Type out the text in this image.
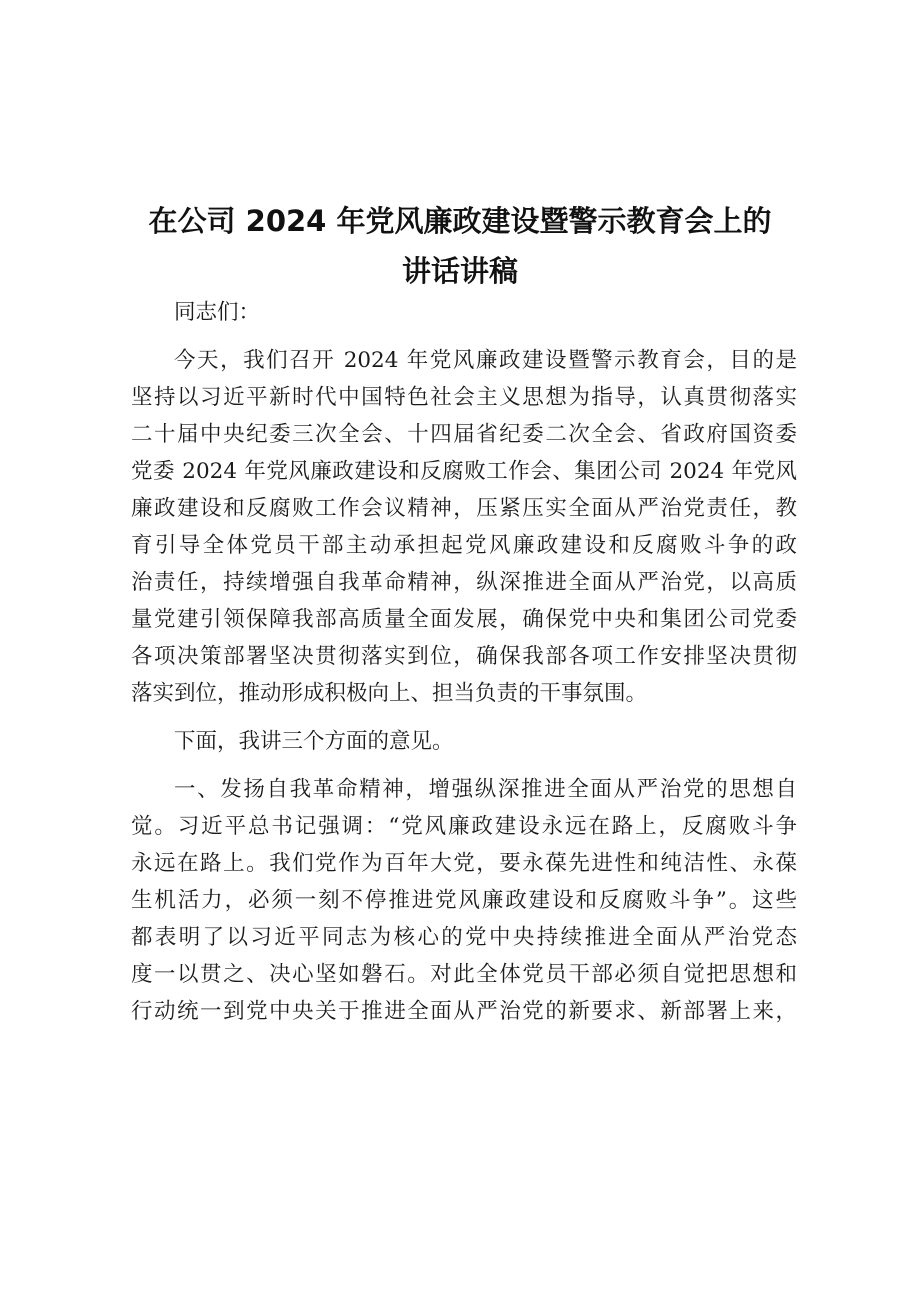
在公司 2024 年党风廉政建设暨警示教育会上的
讲话讲稿
同志们：
今天，我们召开 2024 年党风廉政建设暨警示教育会，目的是
坚持以习近平新时代中国特色社会主义思想为指导，认真贯彻落实
二十届中央纪委三次全会、十四届省纪委二次全会、省政府国资委
党委 2024 年党风廉政建设和反腐败工作会、集团公司 2024 年党风
廉政建设和反腐败工作会议精神，压紧压实全面从严治党责任，教
育引导全体党员干部主动承担起党风廉政建设和反腐败斗争的政
治责任，持续增强自我革命精神，纵深推进全面从严治党，以高质
量党建引领保障我部高质量全面发展，确保党中央和集团公司党委
各项决策部署坚决贯彻落实到位，确保我部各项工作安排坚决贯彻
落实到位，推动形成积极向上、担当负责的干事氛围。
下面，我讲三个方面的意见。
一、发扬自我革命精神，增强纵深推进全面从严治党的思想自
觉。习近平总书记强调：“党风廉政建设永远在路上，反腐败斗争
永远在路上。我们党作为百年大党，要永葆先进性和纯洁性、永葆
生机活力，必须一刻不停推进党风廉政建设和反腐败斗争”。这些
都表明了以习近平同志为核心的党中央持续推进全面从严治党态
度一以贯之、决心坚如磐石。对此全体党员干部必须自觉把思想和
行动统一到党中央关于推进全面从严治党的新要求、新部署上来，
